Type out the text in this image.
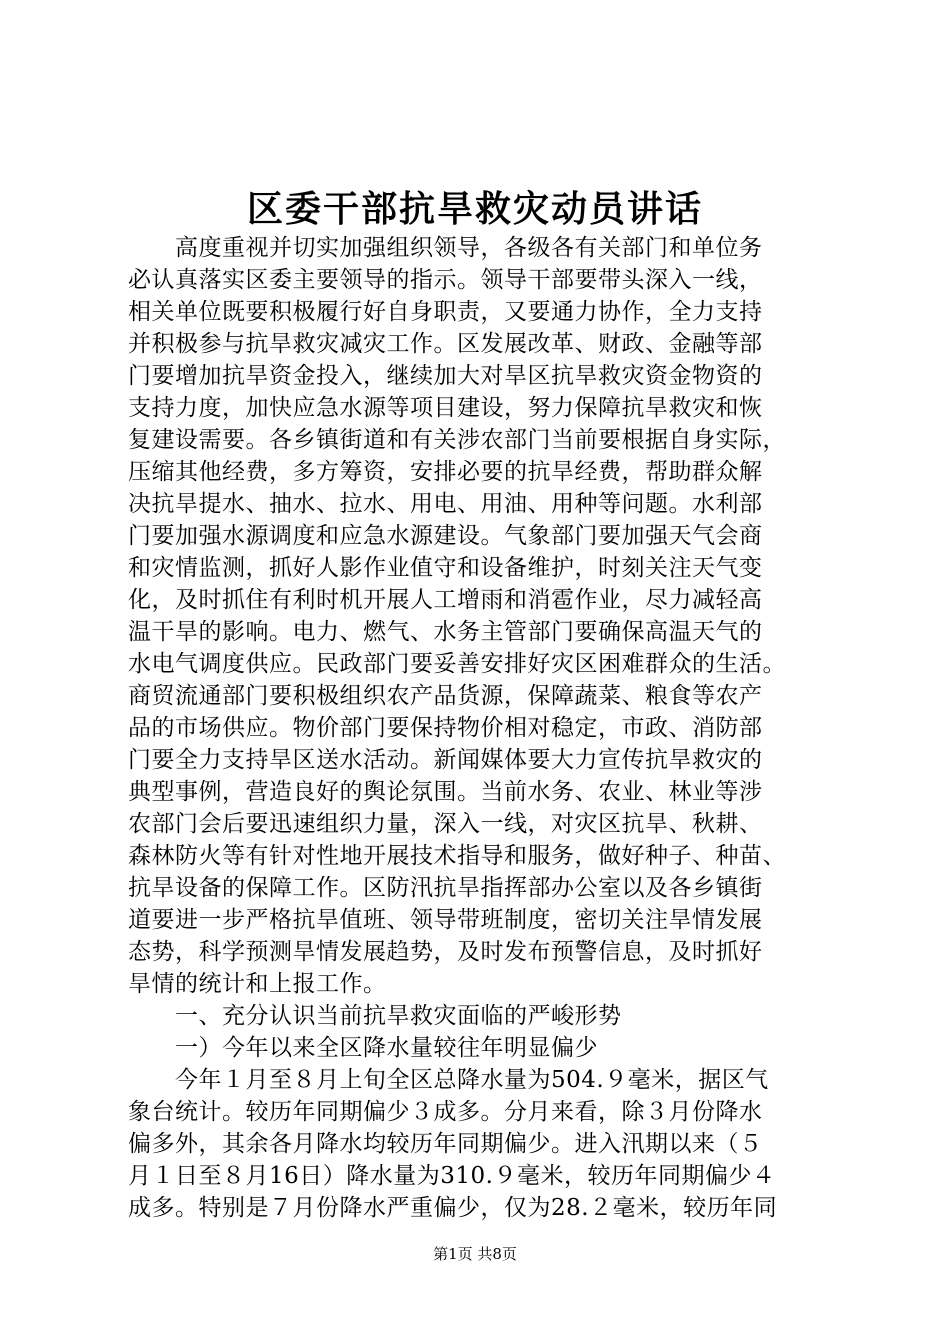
区委干部抗旱救灾动员讲话
　　高度重视并切实加强组织领导，各级各有关部门和单位务
必认真落实区委主要领导的指示。领导干部要带头深入一线，
相关单位既要积极履行好自身职责，又要通力协作，全力支持
并积极参与抗旱救灾减灾工作。区发展改革、财政、金融等部
门要增加抗旱资金投入，继续加大对旱区抗旱救灾资金物资的
支持力度，加快应急水源等项目建设，努力保障抗旱救灾和恢
复建设需要。各乡镇街道和有关涉农部门当前要根据自身实际，
压缩其他经费，多方筹资，安排必要的抗旱经费，帮助群众解
决抗旱提水、抽水、拉水、用电、用油、用种等问题。水利部
门要加强水源调度和应急水源建设。气象部门要加强天气会商
和灾情监测，抓好人影作业值守和设备维护，时刻关注天气变
化，及时抓住有利时机开展人工增雨和消雹作业，尽力减轻高
温干旱的影响。电力、燃气、水务主管部门要确保高温天气的
水电气调度供应。民政部门要妥善安排好灾区困难群众的生活。
商贸流通部门要积极组织农产品货源，保障蔬菜、粮食等农产
品的市场供应。物价部门要保持物价相对稳定，市政、消防部
门要全力支持旱区送水活动。新闻媒体要大力宣传抗旱救灾的
典型事例，营造良好的舆论氛围。当前水务、农业、林业等涉
农部门会后要迅速组织力量，深入一线，对灾区抗旱、秋耕、
森林防火等有针对性地开展技术指导和服务，做好种子、种苗、
抗旱设备的保障工作。区防汛抗旱指挥部办公室以及各乡镇街
道要进一步严格抗旱值班、领导带班制度，密切关注旱情发展
态势，科学预测旱情发展趋势，及时发布预警信息，及时抓好
旱情的统计和上报工作。
　　一、充分认识当前抗旱救灾面临的严峻形势
　　一）今年以来全区降水量较往年明显偏少
　　今年１月至８月上旬全区总降水量为504.９毫米，据区气
象台统计。较历年同期偏少３成多。分月来看，除３月份降水
偏多外，其余各月降水均较历年同期偏少。进入汛期以来（５
月１日至８月16日）降水量为310.９毫米，较历年同期偏少４
成多。特别是７月份降水严重偏少，仅为28.２毫米，较历年同
第1页 共8页
